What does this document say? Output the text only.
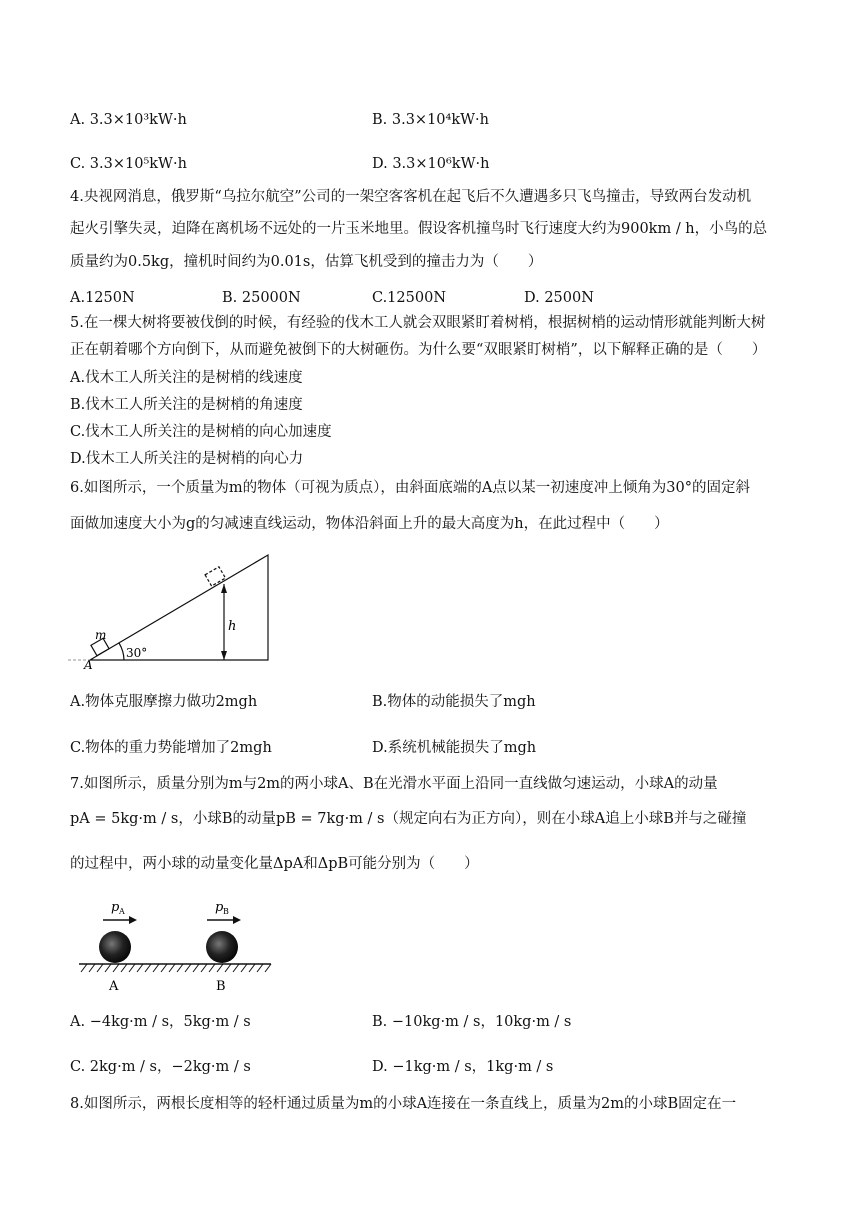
A. 3.3×10³kW·h	B. 3.3×10⁴kW·h
C. 3.3×10⁵kW·h	D. 3.3×10⁶kW·h
4.央视网消息，俄罗斯“乌拉尔航空”公司的一架空客客机在起飞后不久遭遇多只飞鸟撞击，导致两台发动机
起火引擎失灵，迫降在离机场不远处的一片玉米地里。假设客机撞鸟时飞行速度大约为900km / h，小鸟的总
质量约为0.5kg，撞机时间约为0.01s，估算飞机受到的撞击力为（　　）
A.1250N	B. 25000N	C.12500N	D. 2500N
5.在一棵大树将要被伐倒的时候，有经验的伐木工人就会双眼紧盯着树梢，根据树梢的运动情形就能判断大树
正在朝着哪个方向倒下，从而避免被倒下的大树砸伤。为什么要“双眼紧盯树梢”，以下解释正确的是（　　）
A.伐木工人所关注的是树梢的线速度
B.伐木工人所关注的是树梢的角速度
C.伐木工人所关注的是树梢的向心加速度
D.伐木工人所关注的是树梢的向心力
6.如图所示，一个质量为m的物体（可视为质点），由斜面底端的A点以某一初速度冲上倾角为30°的固定斜
面做加速度大小为g的匀减速直线运动，物体沿斜面上升的最大高度为h，在此过程中（　　）
m
A
30°
h
A.物体克服摩擦力做功2mgh	B.物体的动能损失了mgh
C.物体的重力势能增加了2mgh	D.系统机械能损失了mgh
7.如图所示，质量分别为m与2m的两小球A、B在光滑水平面上沿同一直线做匀速运动，小球A的动量
pA = 5kg·m / s，小球B的动量pB = 7kg·m / s（规定向右为正方向），则在小球A追上小球B并与之碰撞
的过程中，两小球的动量变化量ΔpA和ΔpB可能分别为（　　）
p A	p B
A	B
A. −4kg·m / s，5kg·m / s	B. −10kg·m / s，10kg·m / s
C. 2kg·m / s，−2kg·m / s	D. −1kg·m / s，1kg·m / s
8.如图所示，两根长度相等的轻杆通过质量为m的小球A连接在一条直线上，质量为2m的小球B固定在一
